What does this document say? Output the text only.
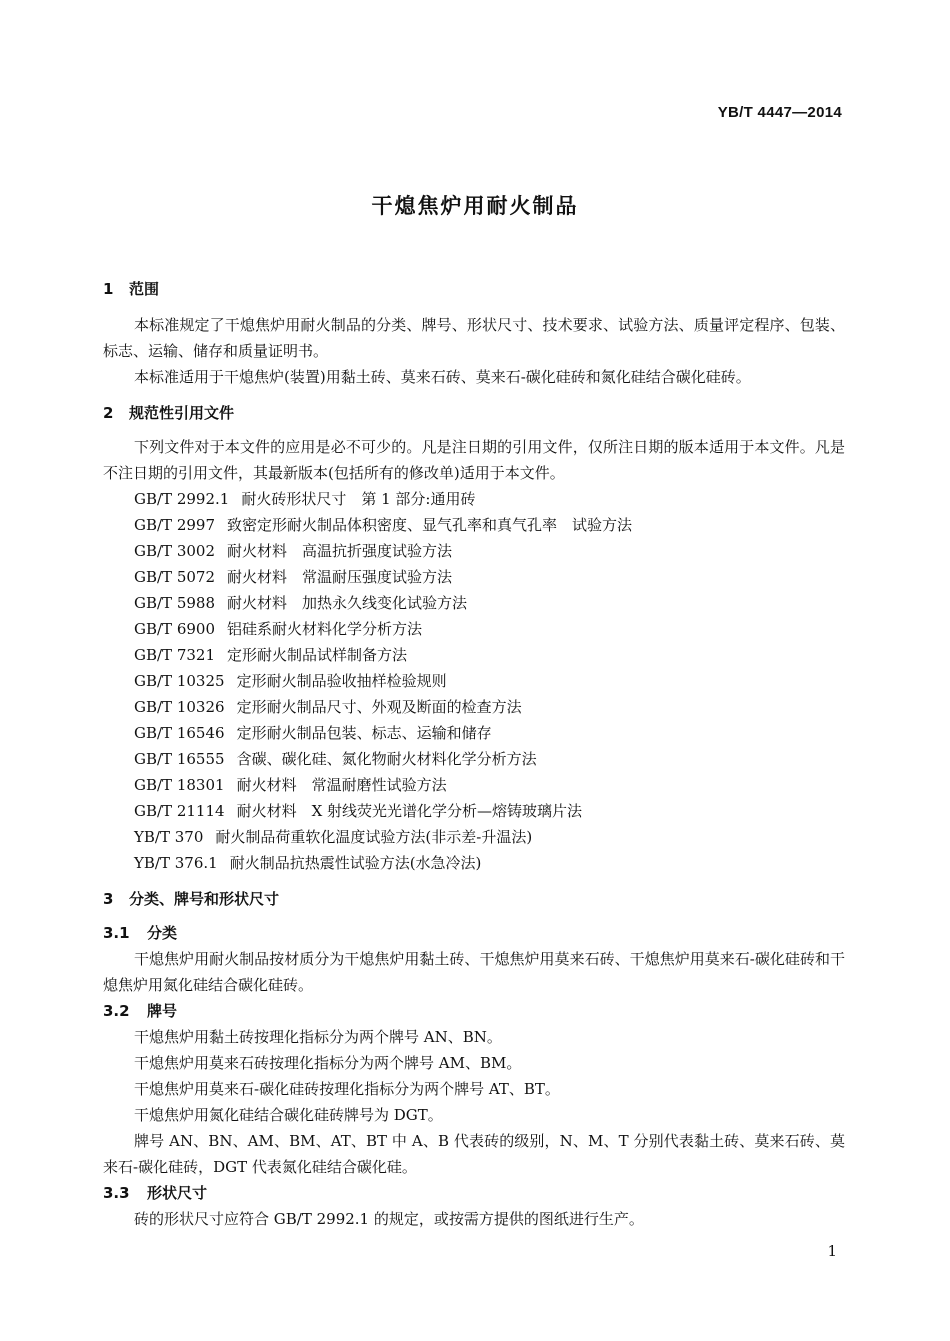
YB/T 4447—2014
干熄焦炉用耐火制品
1 范围

本标准规定了干熄焦炉用耐火制品的分类、牌号、形状尺寸、技术要求、试验方法、质量评定程序、包装、标志、运输、储存和质量证明书。

本标准适用于干熄焦炉(装置)用黏土砖、莫来石砖、莫来石-碳化硅砖和氮化硅结合碳化硅砖。

2 规范性引用文件

下列文件对于本文件的应用是必不可少的。凡是注日期的引用文件，仅所注日期的版本适用于本文件。凡是不注日期的引用文件，其最新版本(包括所有的修改单)适用于本文件。

GB/T 2992.1 耐火砖形状尺寸　第 1 部分:通用砖
GB/T 2997 致密定形耐火制品体积密度、显气孔率和真气孔率　试验方法
GB/T 3002 耐火材料　高温抗折强度试验方法
GB/T 5072 耐火材料　常温耐压强度试验方法
GB/T 5988 耐火材料　加热永久线变化试验方法
GB/T 6900 铝硅系耐火材料化学分析方法
GB/T 7321 定形耐火制品试样制备方法
GB/T 10325 定形耐火制品验收抽样检验规则
GB/T 10326 定形耐火制品尺寸、外观及断面的检查方法
GB/T 16546 定形耐火制品包装、标志、运输和储存
GB/T 16555 含碳、碳化硅、氮化物耐火材料化学分析方法
GB/T 18301 耐火材料　常温耐磨性试验方法
GB/T 21114 耐火材料　X 射线荧光光谱化学分析—熔铸玻璃片法
YB/T 370 耐火制品荷重软化温度试验方法(非示差-升温法)
YB/T 376.1 耐火制品抗热震性试验方法(水急冷法)
3 分类、牌号和形状尺寸
3.1 分类

干熄焦炉用耐火制品按材质分为干熄焦炉用黏土砖、干熄焦炉用莫来石砖、干熄焦炉用莫来石-碳化硅砖和干熄焦炉用氮化硅结合碳化硅砖。

3.2 牌号

干熄焦炉用黏土砖按理化指标分为两个牌号 AN、BN。

干熄焦炉用莫来石砖按理化指标分为两个牌号 AM、BM。

干熄焦炉用莫来石-碳化硅砖按理化指标分为两个牌号 AT、BT。

干熄焦炉用氮化硅结合碳化硅砖牌号为 DGT。

牌号 AN、BN、AM、BM、AT、BT 中 A、B 代表砖的级别，N、M、T 分别代表黏土砖、莫来石砖、莫来石-碳化硅砖，DGT 代表氮化硅结合碳化硅。

3.3 形状尺寸

砖的形状尺寸应符合 GB/T 2992.1 的规定，或按需方提供的图纸进行生产。

1
